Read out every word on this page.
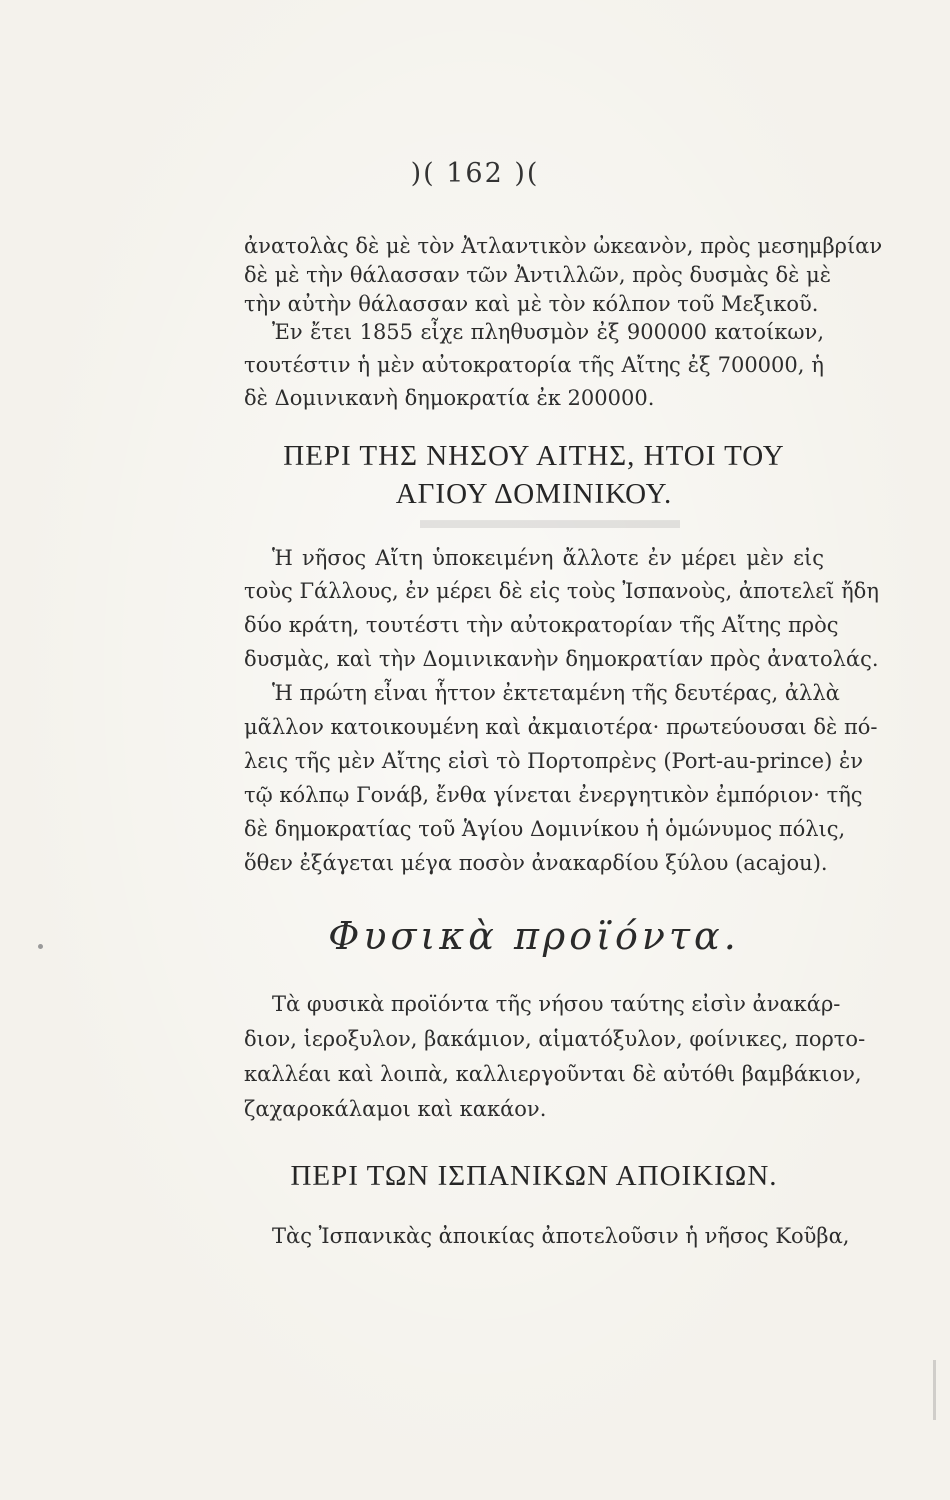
▬▬▬▬▬▬▬▬▬▬
)( 162 )(
ἀνατολὰς δὲ μὲ τὸν Ἀτλαντικὸν ὠκεανὸν, πρὸς μεσημβρίαν
δὲ μὲ τὴν θάλασσαν τῶν Ἀντιλλῶν, πρὸς δυσμὰς δὲ μὲ
τὴν αὐτὴν θάλασσαν καὶ μὲ τὸν κόλπον τοῦ Μεξικοῦ.
Ἐν ἔτει 1855 εἶχε πληθυσμὸν ἐξ 900000 κατοίκων,
τουτέστιν ἡ μὲν αὐτοκρατορία τῆς Αἴτης ἐξ 700000, ἡ
δὲ Δομινικανὴ δημοκρατία ἐκ 200000.
ΠΕΡΙ ΤΗΣ ΝΗΣΟΥ ΑΙΤΗΣ, ΗΤΟΙ ΤΟΥ
ΑΓΙΟΥ ΔΟΜΙΝΙΚΟΥ.
Ἡ νῆσος Αἴτη ὑποκειμένη ἄλλοτε ἐν μέρει μὲν εἰς
τοὺς Γάλλους, ἐν μέρει δὲ εἰς τοὺς Ἰσπανοὺς, ἀποτελεῖ ἤδη
δύο κράτη, τουτέστι τὴν αὐτοκρατορίαν τῆς Αἴτης πρὸς
δυσμὰς, καὶ τὴν Δομινικανὴν δημοκρατίαν πρὸς ἀνατολάς.
Ἡ πρώτη εἶναι ἧττον ἐκτεταμένη τῆς δευτέρας, ἀλλὰ
μᾶλλον κατοικουμένη καὶ ἀκμαιοτέρα· πρωτεύουσαι δὲ πό-
λεις τῆς μὲν Αἴτης εἰσὶ τὸ Πορτοπρὲνς (Port-au-prince) ἐν
τῷ κόλπῳ Γονάβ, ἔνθα γίνεται ἐνεργητικὸν ἐμπόριον· τῆς
δὲ δημοκρατίας τοῦ Ἁγίου Δομινίκου ἡ ὁμώνυμος πόλις,
ὅθεν ἐξάγεται μέγα ποσὸν ἀνακαρδίου ξύλου (acajou).
Φυσικὰ προϊόντα.
Τὰ φυσικὰ προϊόντα τῆς νήσου ταύτης εἰσὶν ἀνακάρ-
διον, ἱεροξυλον, βακάμιον, αἱματόξυλον, φοίνικες, πορτο-
καλλέαι καὶ λοιπὰ, καλλιεργοῦνται δὲ αὐτόθι βαμβάκιον,
ζαχαροκάλαμοι καὶ κακάον.
ΠΕΡΙ ΤΩΝ ΙΣΠΑΝΙΚΩΝ ΑΠΟΙΚΙΩΝ.
Τὰς Ἰσπανικὰς ἀποικίας ἀποτελοῦσιν ἡ νῆσος Κοῦβα,
